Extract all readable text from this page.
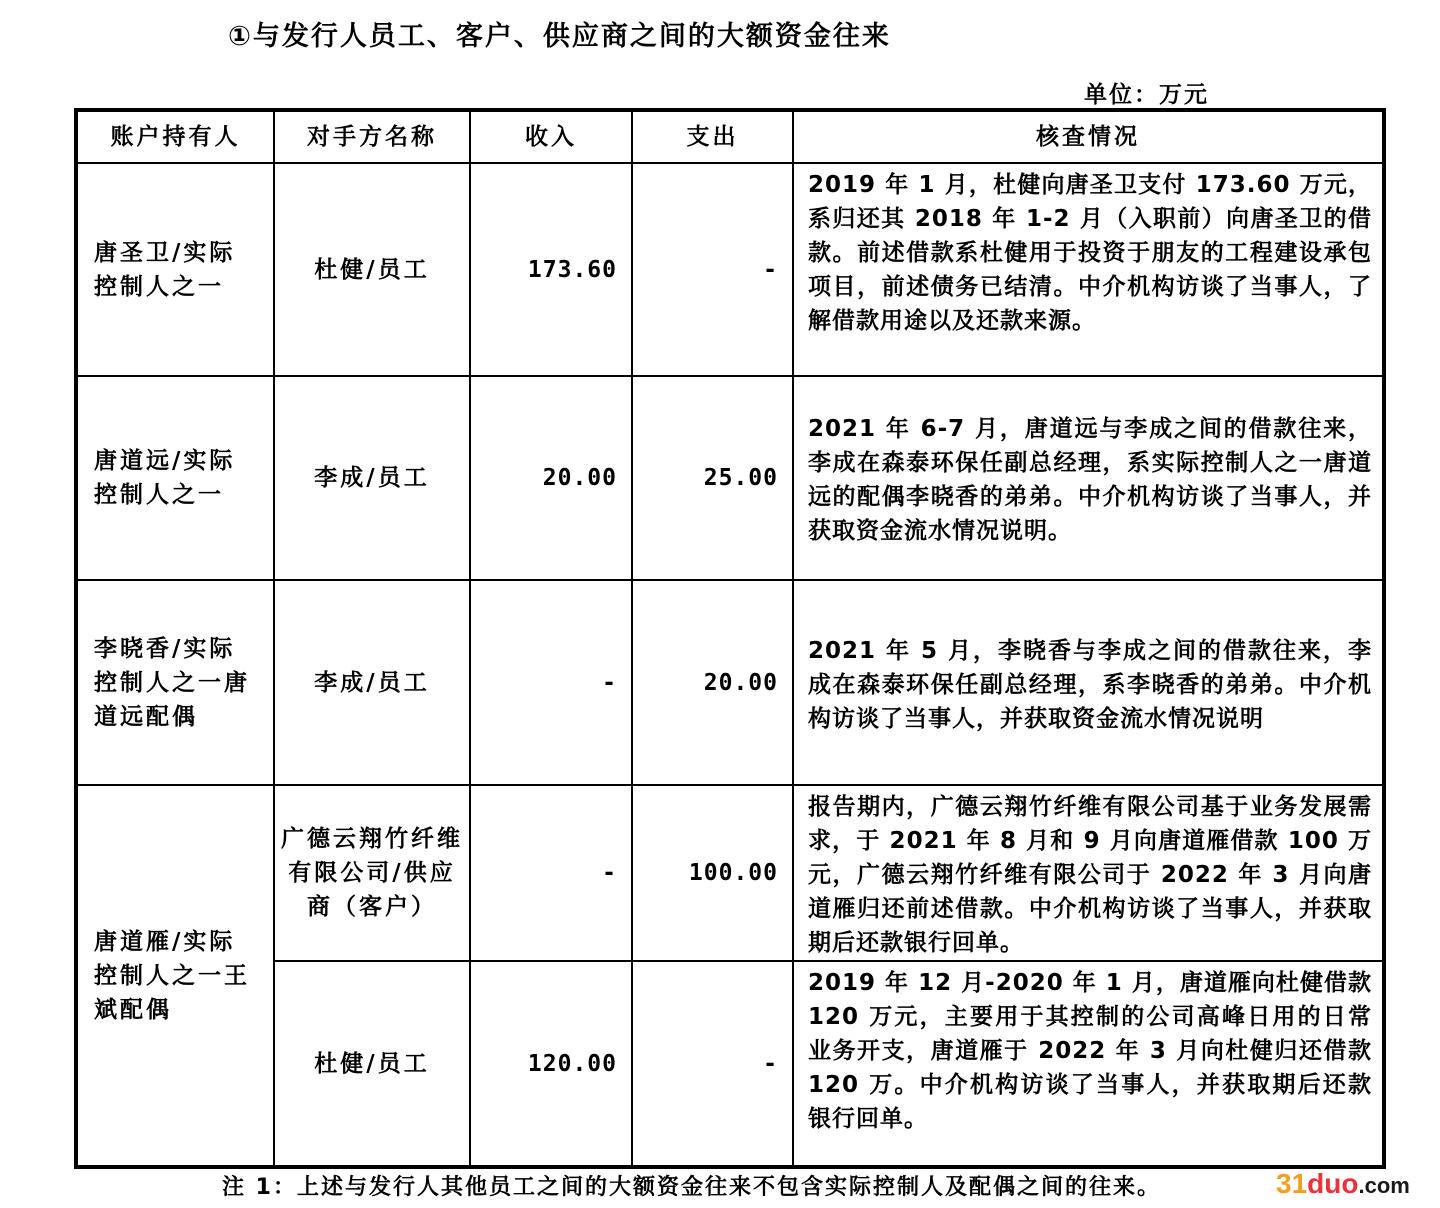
①与发行人员工、客户、供应商之间的大额资金往来
单位：万元
账户持有人	对手方名称	收入	支出	核查情况
唐圣卫/实际控制人之一	杜健/员工	173.60	-	2019 年 1 月，杜健向唐圣卫支付 173.60 万元，系归还其 2018 年 1-2 月（入职前）向唐圣卫的借款。前述借款系杜健用于投资于朋友的工程建设承包项目，前述债务已结清。中介机构访谈了当事人，了解借款用途以及还款来源。

唐道远/实际控制人之一	李成/员工	20.00	25.00	2021 年 6-7 月，唐道远与李成之间的借款往来，李成在森泰环保任副总经理，系实际控制人之一唐道远的配偶李晓香的弟弟。中介机构访谈了当事人，并获取资金流水情况说明。

李晓香/实际控制人之一唐道远配偶	李成/员工	-	20.00	2021 年 5 月，李晓香与李成之间的借款往来，李成在森泰环保任副总经理，系李晓香的弟弟。中介机构访谈了当事人，并获取资金流水情况说明

唐道雁/实际控制人之一王斌配偶	广德云翔竹纤维有限公司/供应商（客户）	-	100.00	报告期内，广德云翔竹纤维有限公司基于业务发展需求，于 2021 年 8 月和 9 月向唐道雁借款 100 万元，广德云翔竹纤维有限公司于 2022 年 3 月向唐道雁归还前述借款。中介机构访谈了当事人，并获取期后还款银行回单。

	杜健/员工	120.00	-	2019 年 12 月-2020 年 1 月，唐道雁向杜健借款 120 万元，主要用于其控制的公司高峰日用的日常业务开支，唐道雁于 2022 年 3 月向杜健归还借款 120 万。中介机构访谈了当事人，并获取期后还款银行回单。
注 1：上述与发行人其他员工之间的大额资金往来不包含实际控制人及配偶之间的往来。	31duo.com
